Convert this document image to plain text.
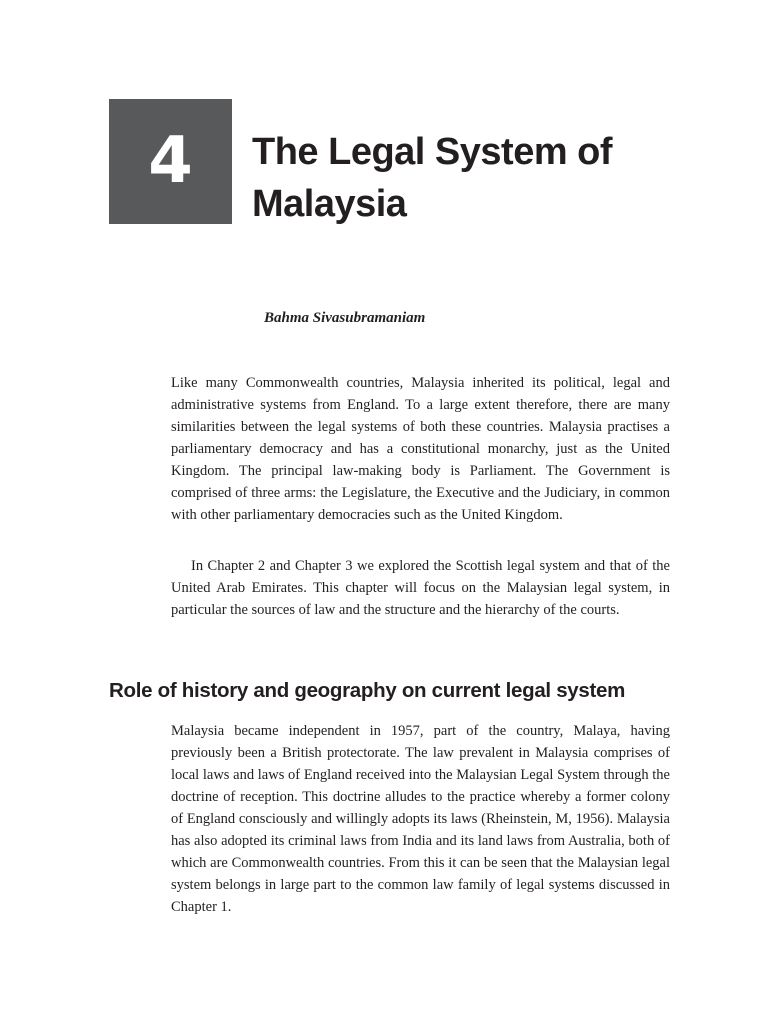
4	The Legal System of
Malaysia

Bahma Sivasubramaniam

Like many Commonwealth countries, Malaysia inherited its political, legal and administrative systems from England. To a large extent therefore, there are many similarities between the legal systems of both these countries. Malaysia practises a parliamentary democracy and has a constitutional monarchy, just as the United Kingdom. The principal law-making body is Parliament. The Government is comprised of three arms: the Legislature, the Executive and the Judiciary, in common with other parliamentary democracies such as the United Kingdom.

In Chapter 2 and Chapter 3 we explored the Scottish legal system and that of the United Arab Emirates. This chapter will focus on the Malaysian legal system, in particular the sources of law and the structure and the hierarchy of the courts.

Role of history and geography on current legal system

Malaysia became independent in 1957, part of the country, Malaya, having previously been a British protectorate. The law prevalent in Malaysia comprises of local laws and laws of England received into the Malaysian Legal System through the doctrine of reception. This doctrine alludes to the practice whereby a former colony of England consciously and willingly adopts its laws (Rheinstein, M, 1956). Malaysia has also adopted its criminal laws from India and its land laws from Australia, both of which are Commonwealth countries. From this it can be seen that the Malaysian legal system belongs in large part to the common law family of legal systems discussed in Chapter 1.
